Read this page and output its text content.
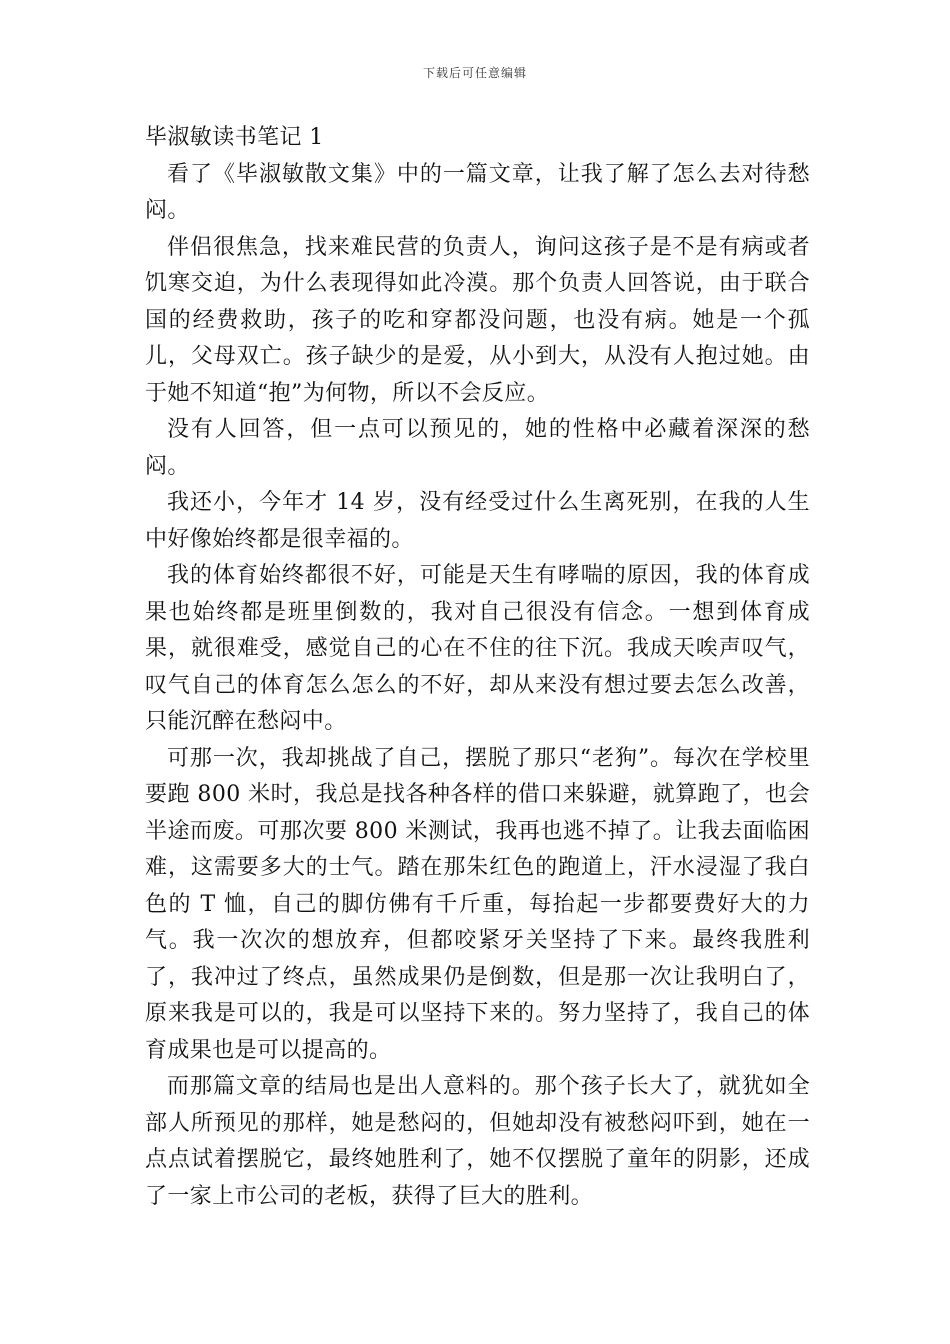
下载后可任意编辑
毕淑敏读书笔记 1

看了《毕淑敏散文集》中的一篇文章，让我了解了怎么去对待愁闷。

伴侣很焦急，找来难民营的负责人，询问这孩子是不是有病或者饥寒交迫，为什么表现得如此冷漠。那个负责人回答说，由于联合国的经费救助，孩子的吃和穿都没问题，也没有病。她是一个孤儿，父母双亡。孩子缺少的是爱，从小到大，从没有人抱过她。由于她不知道“抱”为何物，所以不会反应。

没有人回答，但一点可以预见的，她的性格中必藏着深深的愁闷。

我还小，今年才 14 岁，没有经受过什么生离死别，在我的人生中好像始终都是很幸福的。

我的体育始终都很不好，可能是天生有哮喘的原因，我的体育成果也始终都是班里倒数的，我对自己很没有信念。一想到体育成果，就很难受，感觉自己的心在不住的往下沉。我成天唉声叹气，叹气自己的体育怎么怎么的不好，却从来没有想过要去怎么改善，只能沉醉在愁闷中。

可那一次，我却挑战了自己，摆脱了那只“老狗”。每次在学校里要跑 800 米时，我总是找各种各样的借口来躲避，就算跑了，也会半途而废。可那次要 800 米测试，我再也逃不掉了。让我去面临困难，这需要多大的士气。踏在那朱红色的跑道上，汗水浸湿了我白色的 T 恤，自己的脚仿佛有千斤重，每抬起一步都要费好大的力气。我一次次的想放弃，但都咬紧牙关坚持了下来。最终我胜利了，我冲过了终点，虽然成果仍是倒数，但是那一次让我明白了，原来我是可以的，我是可以坚持下来的。努力坚持了，我自己的体育成果也是可以提高的。

而那篇文章的结局也是出人意料的。那个孩子长大了，就犹如全部人所预见的那样，她是愁闷的，但她却没有被愁闷吓到，她在一点点试着摆脱它，最终她胜利了，她不仅摆脱了童年的阴影，还成了一家上市公司的老板，获得了巨大的胜利。
